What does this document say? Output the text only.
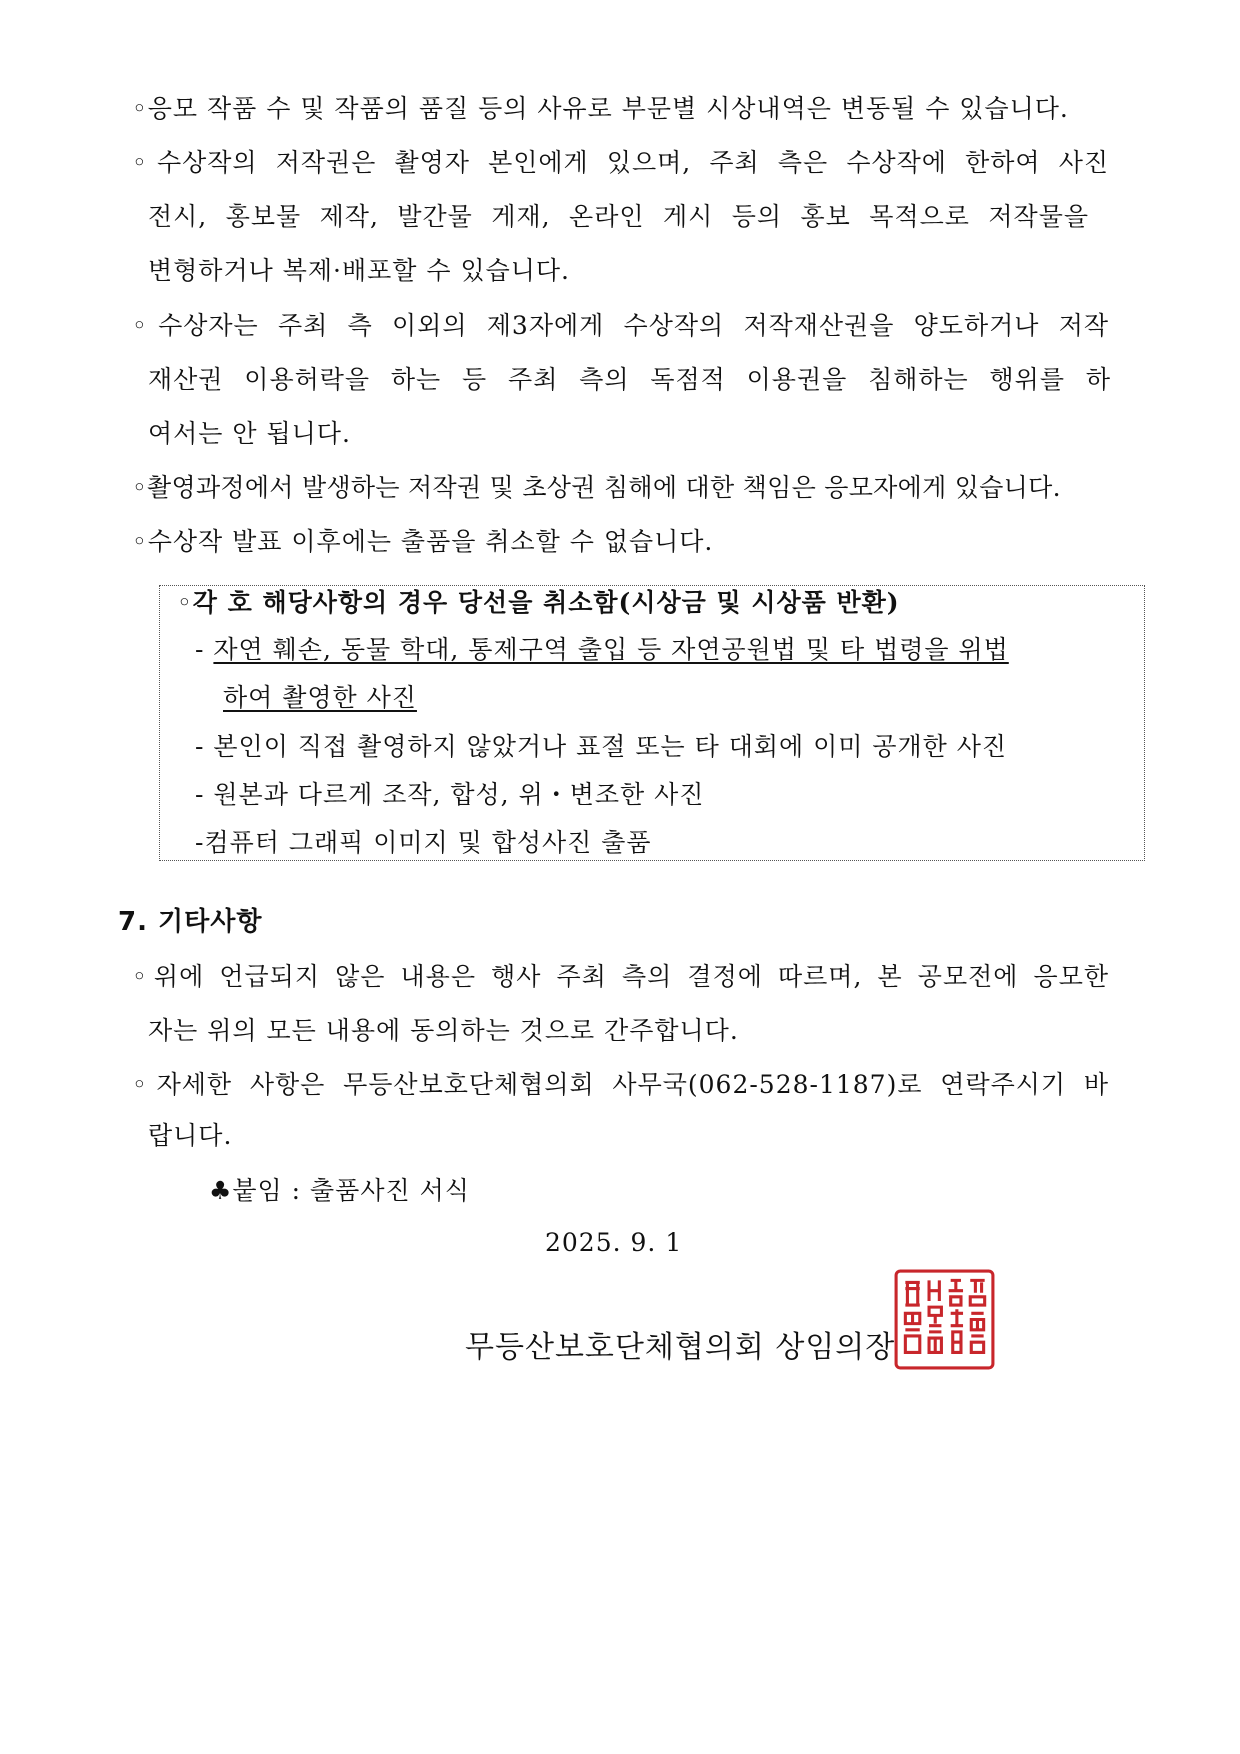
◦응모 작품 수 및 작품의 품질 등의 사유로 부문별 시상내역은 변동될 수 있습니다.
◦수상작의 저작권은 촬영자 본인에게 있으며, 주최 측은 수상작에 한하여 사진
전시, 홍보물 제작, 발간물 게재, 온라인 게시 등의 홍보 목적으로 저작물을
변형하거나 복제·배포할 수 있습니다.
◦수상자는 주최 측 이외의 제3자에게 수상작의 저작재산권을 양도하거나 저작
재산권 이용허락을 하는 등 주최 측의 독점적 이용권을 침해하는 행위를 하
여서는 안 됩니다.
◦촬영과정에서 발생하는 저작권 및 초상권 침해에 대한 책임은 응모자에게 있습니다.
◦수상작 발표 이후에는 출품을 취소할 수 없습니다.
◦각 호 해당사항의 경우 당선을 취소함(시상금 및 시상품 반환)
- 자연 훼손, 동물 학대, 통제구역 출입 등 자연공원법 및 타 법령을 위법
하여 촬영한 사진
- 본인이 직접 촬영하지 않았거나 표절 또는 타 대회에 이미 공개한 사진
- 원본과 다르게 조작, 합성, 위・변조한 사진
-컴퓨터 그래픽 이미지 및 합성사진 출품
7. 기타사항
◦위에 언급되지 않은 내용은 행사 주최 측의 결정에 따르며, 본 공모전에 응모한
자는 위의 모든 내용에 동의하는 것으로 간주합니다.
◦자세한 사항은 무등산보호단체협의회 사무국(062-528-1187)로 연락주시기 바
랍니다.
♣붙임 : 출품사진 서식
2025. 9. 1
무등산보호단체협의회 상임의장
